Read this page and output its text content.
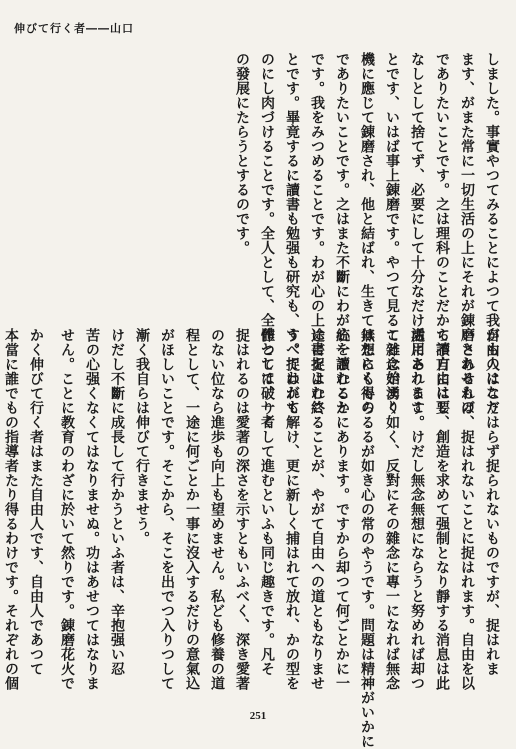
伸びて行く者――山口
しました。事實やつてみることによつて我がものになり
ます、がまた常に一切生活の上にそれが錬磨されるもの
でありたいことです。之は理科のことだから讀方には要
なしとして捨てず、必要にして十分なだけ活用されるこ
とです、いはば事上錬磨です。やつて見ることに始まり
機に應じて錬磨され、他と結ばれ、生きてはたらくもの
でありたいことです。之はまた不斷にわが心を讀むこと
です。我をみつめることです。わが心の上に書をよむこ
とです。畢竟するに讀書も勉强も研究も、すべてわがも
のにし肉づけることです。全人として、全體として、一者
の發展にたらうとするのです。
自由人はこだはらず捉られないものですが、捉はれま
いとあせれば、捉はれないことに捉はれます。自由を以
て不自由にし、創造を求めて强制となり靜する消息は此
處にあります。けだし無念無想にならうと努めれば却つ
て雜念が湧く如く、反對にその雜念に專一になれば無念
無想にも得らるるが如き心の常のやうです。問題は精神がいかに
統一されるかにあります。ですから却つて何ごとかに一
途に捉はれ終ることが、やがて自由への道ともなりませ
う。捉はれて解け、更に新しく捕はれて放れ、かの型を
作つては破りくして進むといふも同じ趣きです。凡そ
捉はれるのは愛著の深さを示すともいふべく、深き愛著
のない位なら進歩も向上も望めません。私ども修養の道
程として、一途に何ごとか一事に沒入するだけの意氣込
がほしいことです。そこから、そこを出でつ入りつして
漸く我自らは伸びて行きませう。
けだし不斷に成長して行かうといふ者は、辛抱强い忍
苦の心强くなくてはなりませぬ。功はあせつてはなりま
せん。ことに教育のわざに於いて然りです。錬磨花火で
かく伸びて行く者はまた自由人です、自由人であつて
本當に誰でもの指導者たり得るわけです。それぞれの個
251
